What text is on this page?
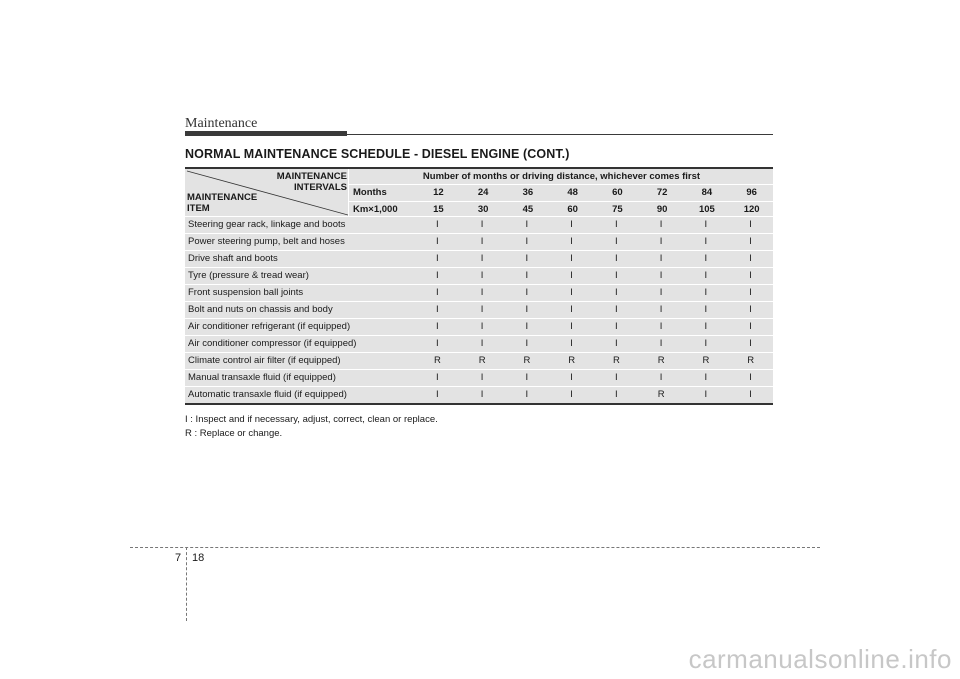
Maintenance
NORMAL MAINTENANCE SCHEDULE - DIESEL ENGINE (CONT.)
MAINTENANCE
INTERVALS
MAINTENANCE
ITEM
Number of months or driving distance, whichever comes first
Months	12	24	36	48	60	72	84	96
Km×1,000	15	30	45	60	75	90	105	120
Steering gear rack, linkage and boots	I	I	I	I	I	I	I	I
Power steering pump, belt and hoses	I	I	I	I	I	I	I	I
Drive shaft and boots	I	I	I	I	I	I	I	I
Tyre (pressure & tread wear)	I	I	I	I	I	I	I	I
Front suspension ball joints	I	I	I	I	I	I	I	I
Bolt and nuts on chassis and body	I	I	I	I	I	I	I	I
Air conditioner refrigerant (if equipped)	I	I	I	I	I	I	I	I
Air conditioner compressor (if equipped)	I	I	I	I	I	I	I	I
Climate control air filter (if equipped)	R	R	R	R	R	R	R	R
Manual transaxle fluid (if equipped)	I	I	I	I	I	I	I	I
Automatic transaxle fluid (if equipped)	I	I	I	I	I	R	I	I
I : Inspect and if necessary, adjust, correct, clean or replace.
R : Replace or change.
7 18
carmanualsonline.info
